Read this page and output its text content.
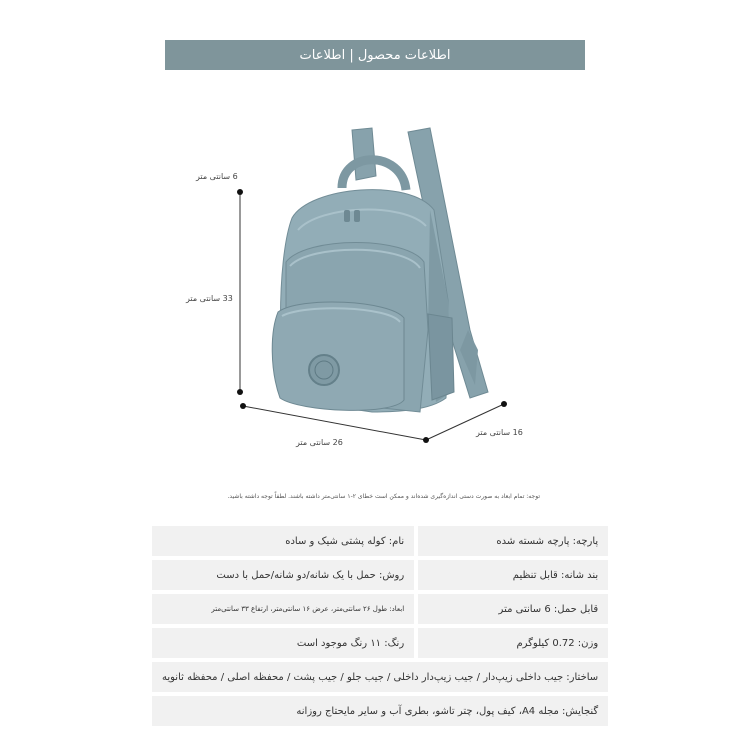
اطلاعات محصول | اطلاعات
6 سانتی متر
33 سانتی متر
26 سانتی متر
16 سانتی متر
توجه: تمام ابعاد به صورت دستی اندازه‌گیری شده‌اند و ممکن است خطای ۲-۱ سانتی‌متر داشته باشند. لطفاً توجه داشته باشید.
پارچه: پارچه شسته شده	نام: کوله پشتی شیک و ساده
بند شانه: قابل تنظیم	روش: حمل با یک شانه/دو شانه/حمل با دست
قابل حمل: 6 سانتی متر	ابعاد: طول ۲۶ سانتی‌متر، عرض ۱۶ سانتی‌متر، ارتفاع ۳۳ سانتی‌متر
وزن: 0.72 کیلوگرم	رنگ: ۱۱ رنگ موجود است
ساختار: جیب داخلی زیپ‌دار / جیب زیپ‌دار داخلی / جیب جلو / جیب پشت / محفظه اصلی / محفظه ثانویه	
گنجایش: مجله A4، کیف پول، چتر تاشو، بطری آب و سایر مایحتاج روزانه	
